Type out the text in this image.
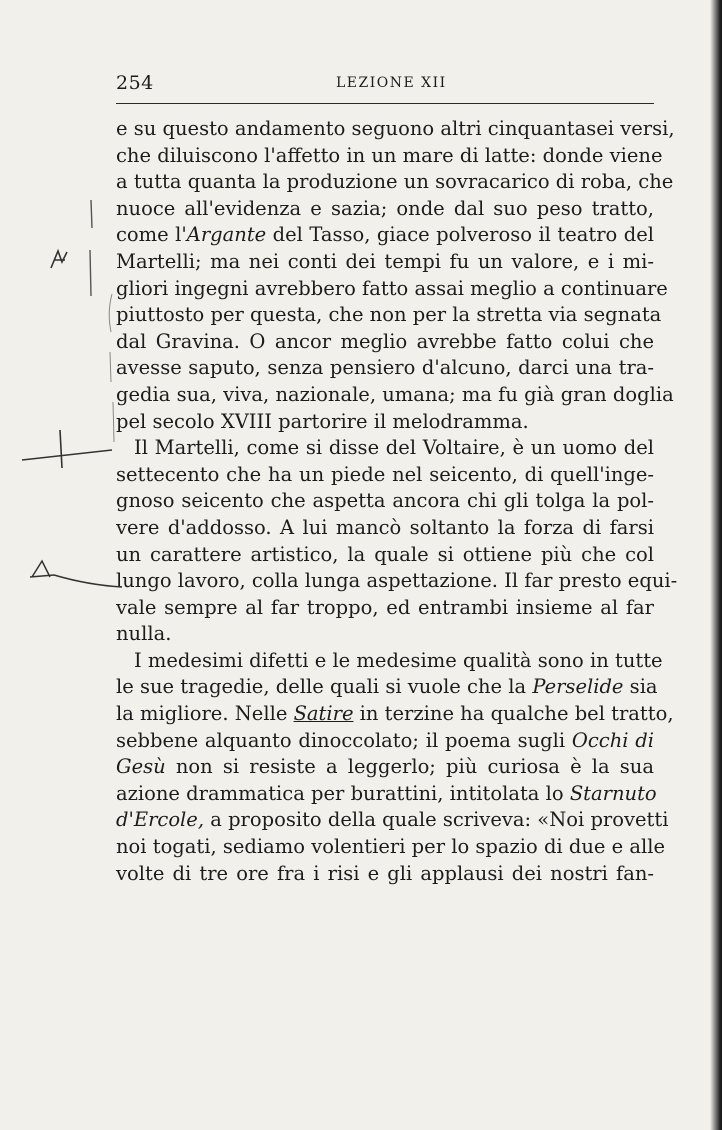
254	LEZIONE XII
e su questo andamento seguono altri cinquantasei versi,
che diluiscono l'affetto in un mare di latte: donde viene
a tutta quanta la produzione un sovracarico di roba, che
nuoce all'evidenza e sazia; onde dal suo peso tratto,
come l'Argante del Tasso, giace polveroso il teatro del
Martelli; ma nei conti dei tempi fu un valore, e i mi-
gliori ingegni avrebbero fatto assai meglio a continuare
piuttosto per questa, che non per la stretta via segnata
dal Gravina. O ancor meglio avrebbe fatto colui che
avesse saputo, senza pensiero d'alcuno, darci una tra-
gedia sua, viva, nazionale, umana; ma fu già gran doglia
pel secolo XVIII partorire il melodramma.
Il Martelli, come si disse del Voltaire, è un uomo del
settecento che ha un piede nel seicento, di quell'inge-
gnoso seicento che aspetta ancora chi gli tolga la pol-
vere d'addosso. A lui mancò soltanto la forza di farsi
un carattere artistico, la quale si ottiene più che col
lungo lavoro, colla lunga aspettazione. Il far presto equi-
vale sempre al far troppo, ed entrambi insieme al far
nulla.
I medesimi difetti e le medesime qualità sono in tutte
le sue tragedie, delle quali si vuole che la Perselide sia
la migliore. Nelle Satire in terzine ha qualche bel tratto,
sebbene alquanto dinoccolato; il poema sugli Occhi di
Gesù non si resiste a leggerlo; più curiosa è la sua
azione drammatica per burattini, intitolata lo Starnuto
d'Ercole, a proposito della quale scriveva: «Noi provetti
noi togati, sediamo volentieri per lo spazio di due e alle
volte di tre ore fra i risi e gli applausi dei nostri fan-
